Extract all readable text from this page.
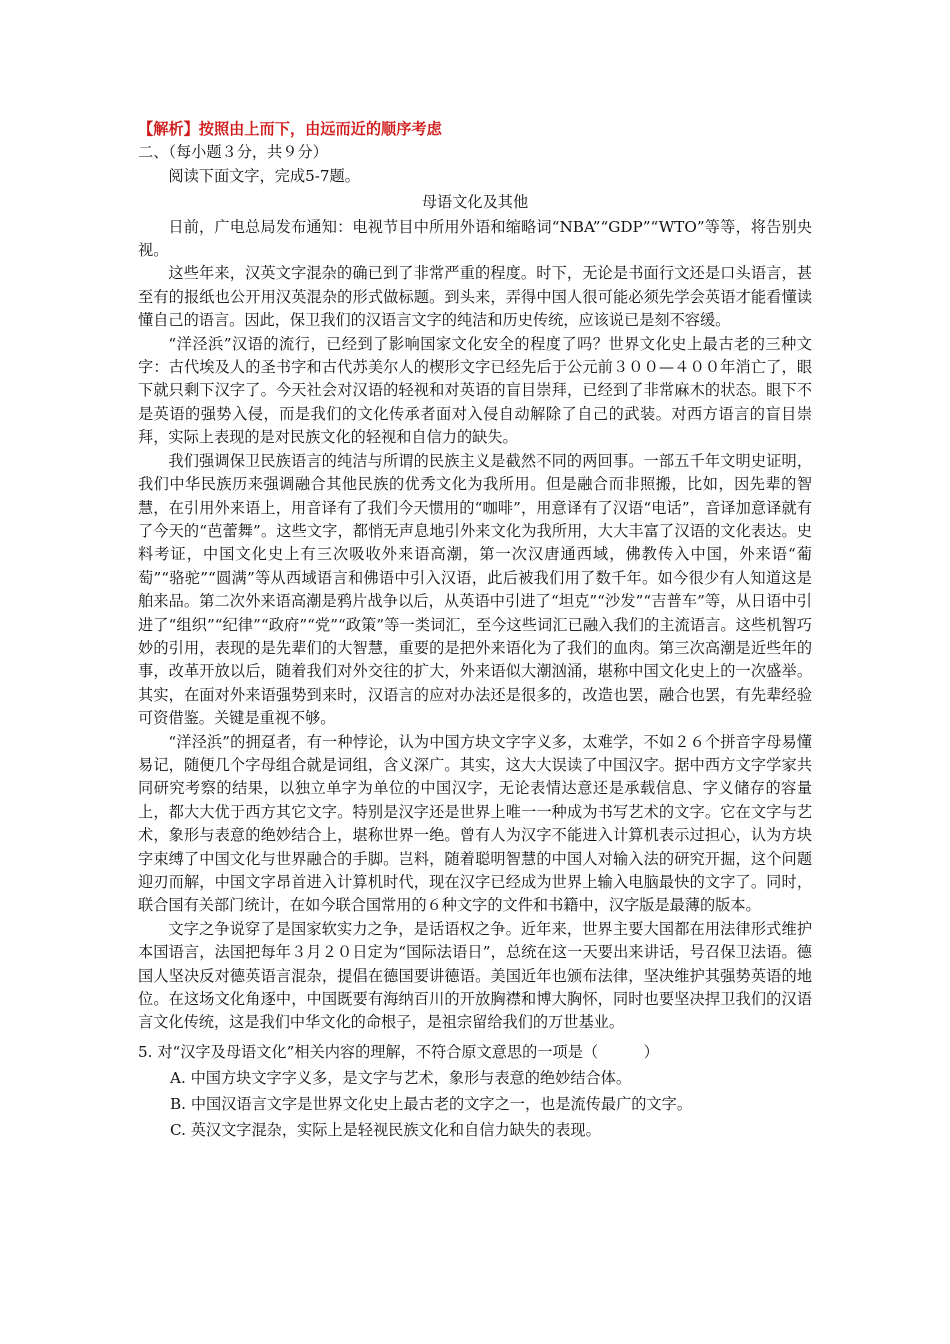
【解析】按照由上而下，由远而近的顺序考虑

二、（每小题３分，共９分）

阅读下面文字，完成5-7题。

母语文化及其他

日前，广电总局发布通知：电视节目中所用外语和缩略词“NBA”“GDP”“WTO”等等，将告别央视。

这些年来，汉英文字混杂的确已到了非常严重的程度。时下，无论是书面行文还是口头语言，甚至有的报纸也公开用汉英混杂的形式做标题。到头来，弄得中国人很可能必须先学会英语才能看懂读懂自己的语言。因此，保卫我们的汉语言文字的纯洁和历史传统，应该说已是刻不容缓。

“洋泾浜”汉语的流行，已经到了影响国家文化安全的程度了吗？世界文化史上最古老的三种文字：古代埃及人的圣书字和古代苏美尔人的楔形文字已经先后于公元前３００—４００年消亡了，眼下就只剩下汉字了。今天社会对汉语的轻视和对英语的盲目崇拜，已经到了非常麻木的状态。眼下不是英语的强势入侵，而是我们的文化传承者面对入侵自动解除了自己的武装。对西方语言的盲目崇拜，实际上表现的是对民族文化的轻视和自信力的缺失。

我们强调保卫民族语言的纯洁与所谓的民族主义是截然不同的两回事。一部五千年文明史证明，我们中华民族历来强调融合其他民族的优秀文化为我所用。但是融合而非照搬，比如，因先辈的智慧，在引用外来语上，用音译有了我们今天惯用的“咖啡”，用意译有了汉语“电话”，音译加意译就有了今天的“芭蕾舞”。这些文字，都悄无声息地引外来文化为我所用，大大丰富了汉语的文化表达。史料考证，中国文化史上有三次吸收外来语高潮，第一次汉唐通西域，佛教传入中国，外来语“葡萄”“骆驼”“圆满”等从西域语言和佛语中引入汉语，此后被我们用了数千年。如今很少有人知道这是舶来品。第二次外来语高潮是鸦片战争以后，从英语中引进了“坦克”“沙发”“吉普车”等，从日语中引进了“组织”“纪律”“政府”“党”“政策”等一类词汇，至今这些词汇已融入我们的主流语言。这些机智巧妙的引用，表现的是先辈们的大智慧，重要的是把外来语化为了我们的血肉。第三次高潮是近些年的事，改革开放以后，随着我们对外交往的扩大，外来语似大潮汹涌，堪称中国文化史上的一次盛举。其实，在面对外来语强势到来时，汉语言的应对办法还是很多的，改造也罢，融合也罢，有先辈经验可资借鉴。关键是重视不够。

“洋泾浜”的拥趸者，有一种悖论，认为中国方块文字字义多，太难学，不如２６个拼音字母易懂易记，随便几个字母组合就是词组，含义深广。其实，这大大误读了中国汉字。据中西方文字学家共同研究考察的结果，以独立单字为单位的中国汉字，无论表情达意还是承载信息、字义储存的容量上，都大大优于西方其它文字。特别是汉字还是世界上唯一一种成为书写艺术的文字。它在文字与艺术，象形与表意的绝妙结合上，堪称世界一绝。曾有人为汉字不能进入计算机表示过担心，认为方块字束缚了中国文化与世界融合的手脚。岂料，随着聪明智慧的中国人对输入法的研究开掘，这个问题迎刃而解，中国文字昂首进入计算机时代，现在汉字已经成为世界上输入电脑最快的文字了。同时，联合国有关部门统计，在如今联合国常用的６种文字的文件和书籍中，汉字版是最薄的版本。

文字之争说穿了是国家软实力之争，是话语权之争。近年来，世界主要大国都在用法律形式维护本国语言，法国把每年３月２０日定为“国际法语日”，总统在这一天要出来讲话，号召保卫法语。德国人坚决反对德英语言混杂，提倡在德国要讲德语。美国近年也颁布法律，坚决维护其强势英语的地位。在这场文化角逐中，中国既要有海纳百川的开放胸襟和博大胸怀，同时也要坚决捍卫我们的汉语言文化传统，这是我们中华文化的命根子，是祖宗留给我们的万世基业。

5. 对“汉字及母语文化”相关内容的理解，不符合原文意思的一项是（　　　）

A. 中国方块文字字义多，是文字与艺术，象形与表意的绝妙结合体。

B. 中国汉语言文字是世界文化史上最古老的文字之一，也是流传最广的文字。

C. 英汉文字混杂，实际上是轻视民族文化和自信力缺失的表现。
